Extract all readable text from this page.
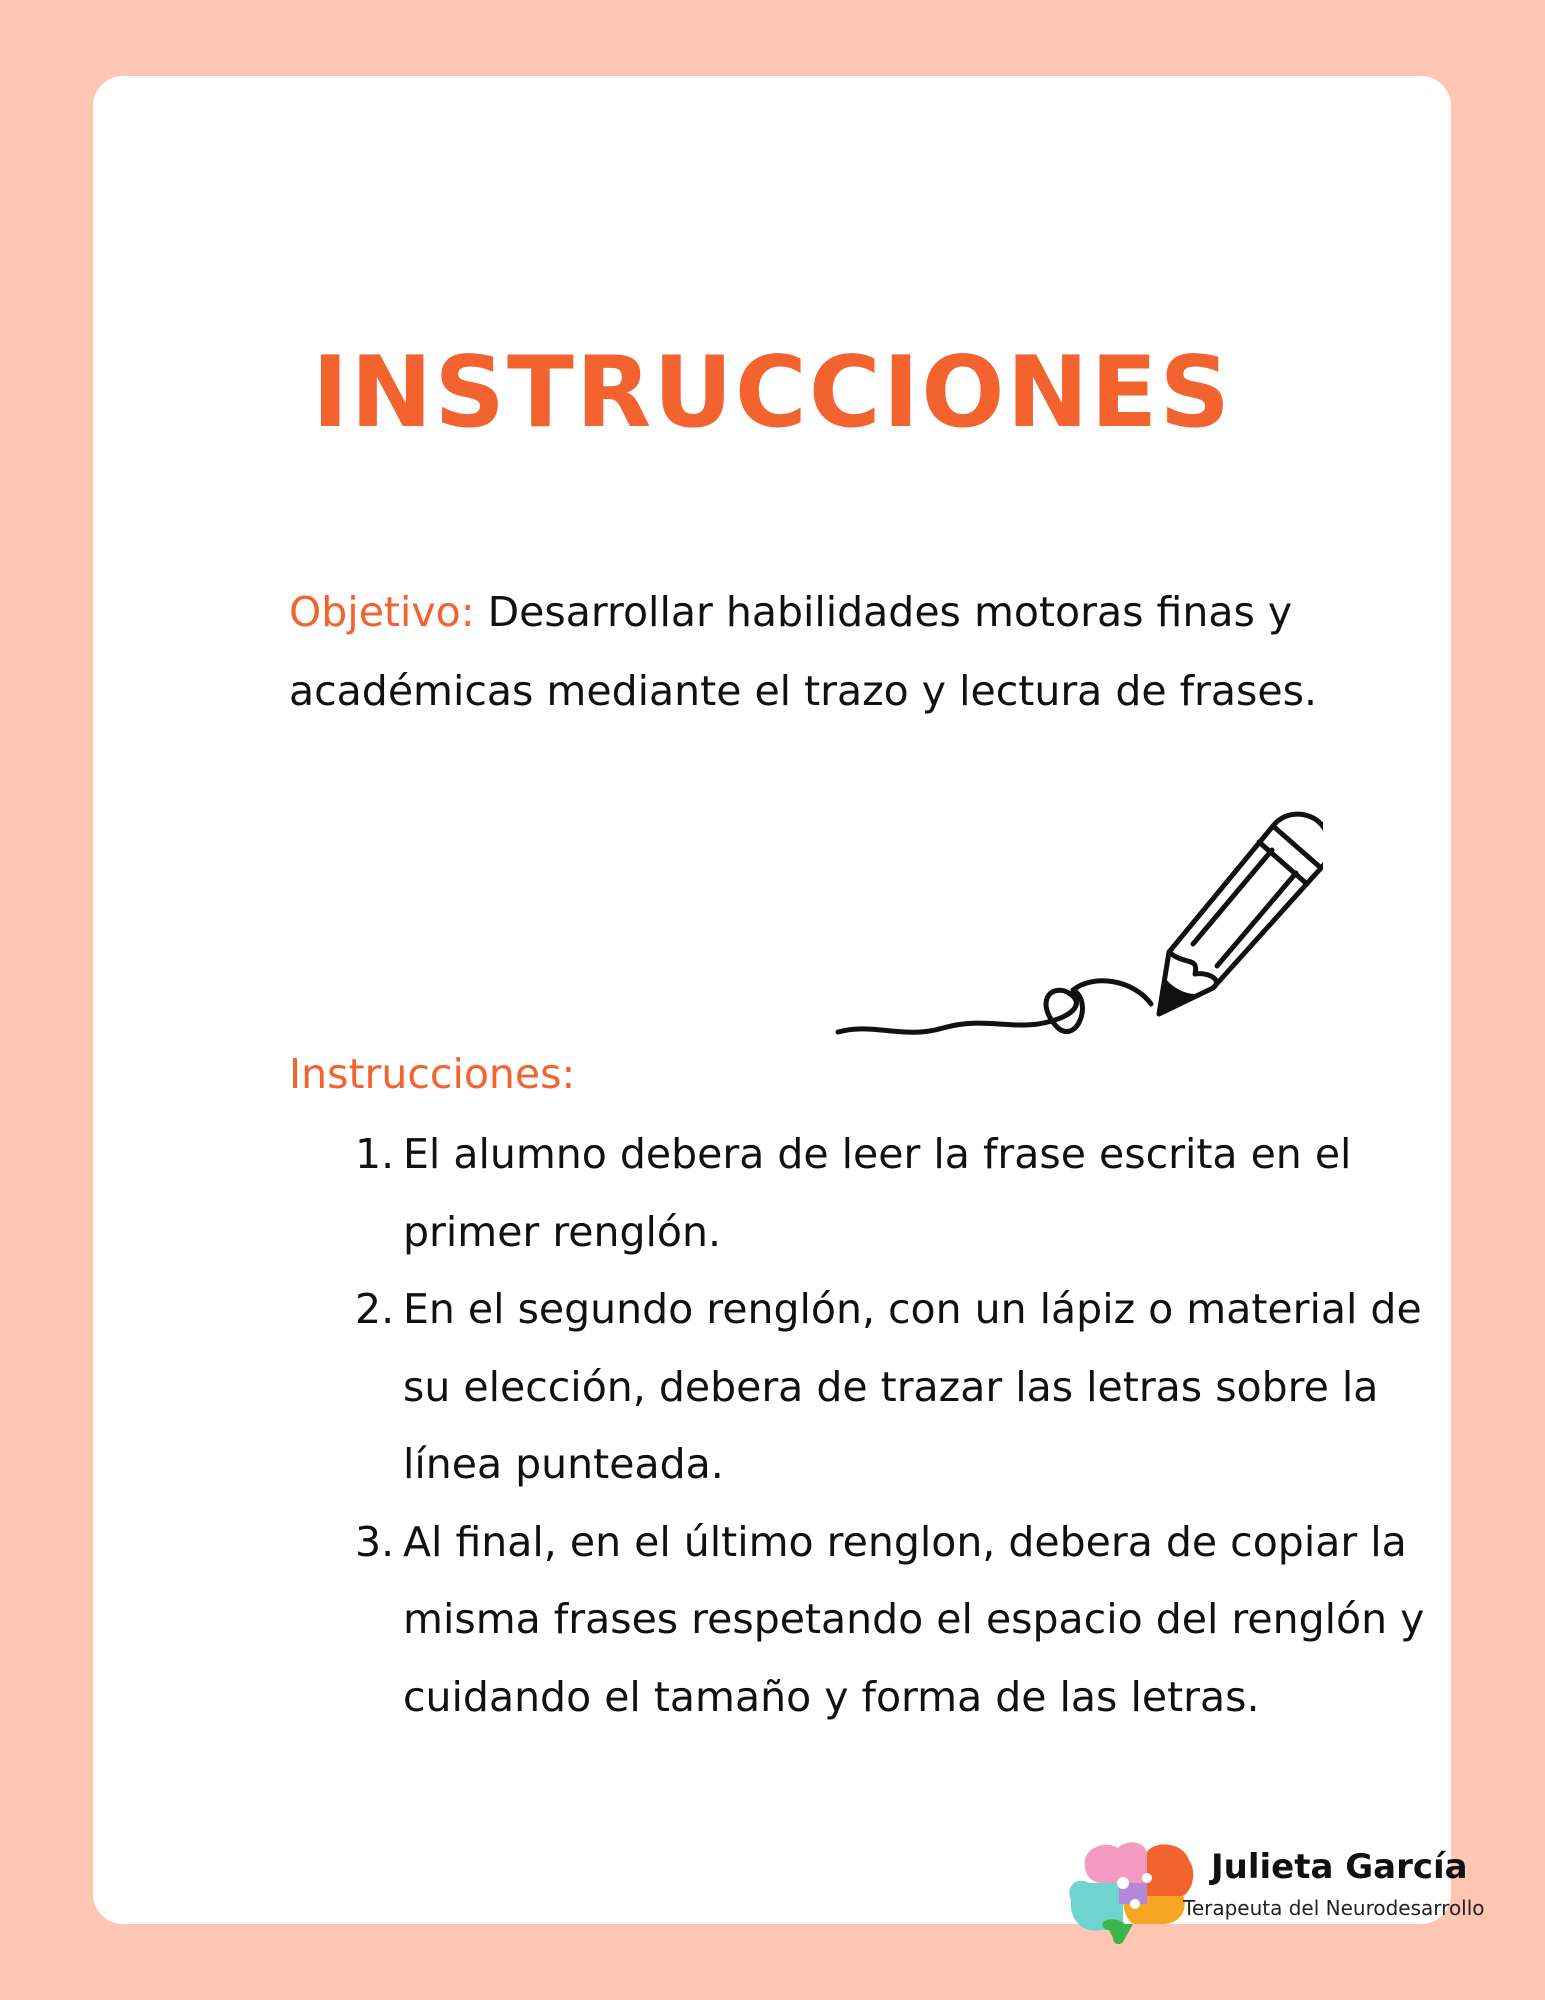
INSTRUCCIONES
Objetivo: Desarrollar habilidades motoras finas y académicas mediante el trazo y lectura de frases.
Instrucciones:
1. El alumno debera de leer la frase escrita en el primer renglón.
2. En el segundo renglón, con un lápiz o material de su elección, debera de trazar las letras sobre la línea punteada.
3. Al final, en el último renglon, debera de copiar la misma frases respetando el espacio del renglón y cuidando el tamaño y forma de las letras.
Julieta García
Terapeuta del Neurodesarrollo
